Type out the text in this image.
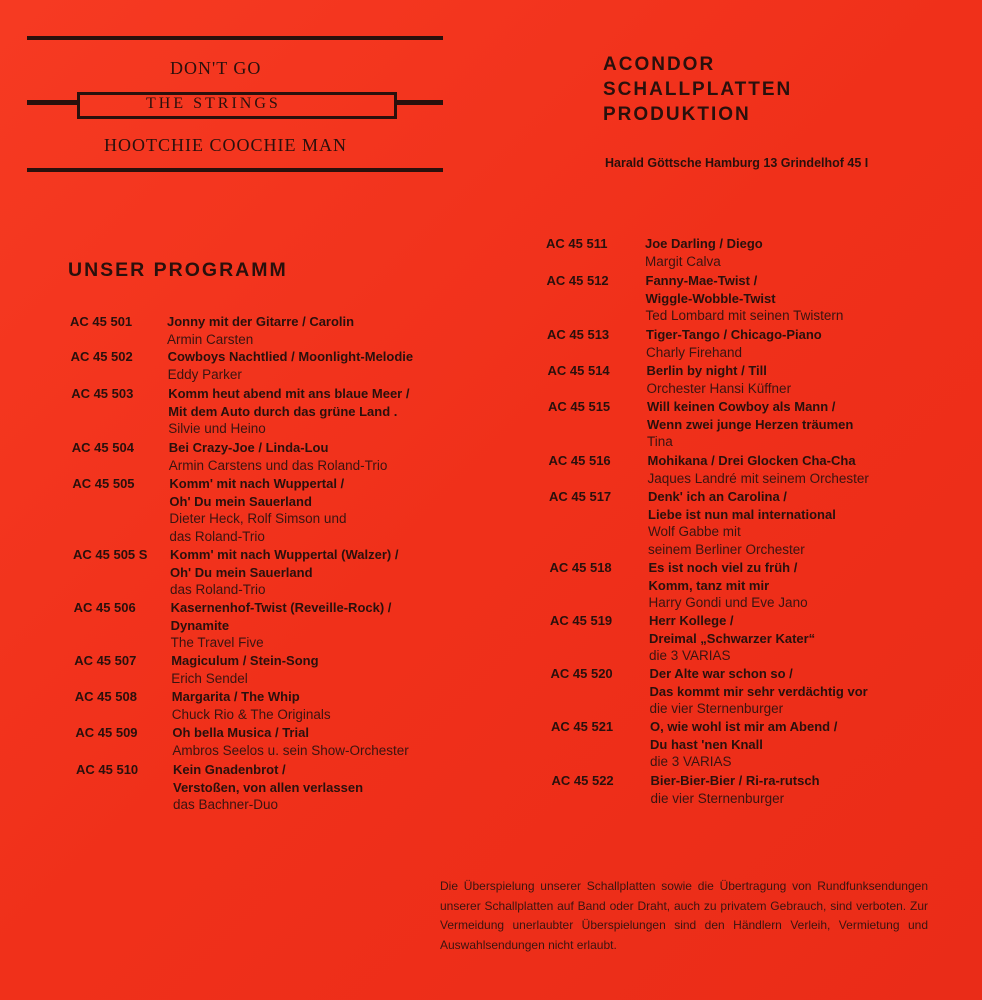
DON'T GO
THE STRINGS
HOOTCHIE COOCHIE MAN
ACONDOR
SCHALLPLATTEN
PRODUKTION
Harald Göttsche Hamburg 13 Grindelhof 45 I
UNSER PROGRAMM
AC 45 501	Jonny mit der Gitarre / Carolin
Armin Carsten
AC 45 502	Cowboys Nachtlied / Moonlight-Melodie
Eddy Parker
AC 45 503	Komm heut abend mit ans blaue Meer /
Mit dem Auto durch das grüne Land .
Silvie und Heino
AC 45 504	Bei Crazy-Joe / Linda-Lou
Armin Carstens und das Roland-Trio
AC 45 505	Komm' mit nach Wuppertal /
Oh' Du mein Sauerland
Dieter Heck, Rolf Simson und
das Roland-Trio
AC 45 505 S Komm' mit nach Wuppertal (Walzer) /
Oh' Du mein Sauerland
das Roland-Trio
AC 45 506	Kasernenhof-Twist (Reveille-Rock) /
Dynamite
The Travel Five
AC 45 507	Magiculum / Stein-Song
Erich Sendel
AC 45 508	Margarita / The Whip
Chuck Rio & The Originals
AC 45 509	Oh bella Musica / Trial
Ambros Seelos u. sein Show-Orchester
AC 45 510	Kein Gnadenbrot /
Verstoßen, von allen verlassen
das Bachner-Duo
AC 45 511	Joe Darling / Diego
Margit Calva
AC 45 512	Fanny-Mae-Twist /
Wiggle-Wobble-Twist
Ted Lombard mit seinen Twistern
AC 45 513	Tiger-Tango / Chicago-Piano
Charly Firehand
AC 45 514	Berlin by night / Till
Orchester Hansi Küffner
AC 45 515	Will keinen Cowboy als Mann /
Wenn zwei junge Herzen träumen
Tina
AC 45 516	Mohikana / Drei Glocken Cha-Cha
Jaques Landré mit seinem Orchester
AC 45 517	Denk' ich an Carolina /
Liebe ist nun mal international
Wolf Gabbe mit
seinem Berliner Orchester
AC 45 518	Es ist noch viel zu früh /
Komm, tanz mit mir
Harry Gondi und Eve Jano
AC 45 519	Herr Kollege /
Dreimal „Schwarzer Kater“
die 3 VARIAS
AC 45 520	Der Alte war schon so /
Das kommt mir sehr verdächtig vor
die vier Sternenburger
AC 45 521	O, wie wohl ist mir am Abend /
Du hast 'nen Knall
die 3 VARIAS
AC 45 522	Bier-Bier-Bier / Ri-ra-rutsch
die vier Sternenburger
Die Überspielung unserer Schallplatten sowie die Übertragung von Rundfunksendungen unserer Schallplatten auf Band oder Draht, auch zu privatem Gebrauch, sind verboten. Zur Vermeidung unerlaubter Überspielungen sind den Händlern Verleih, Vermietung und Auswahlsendungen nicht erlaubt.
